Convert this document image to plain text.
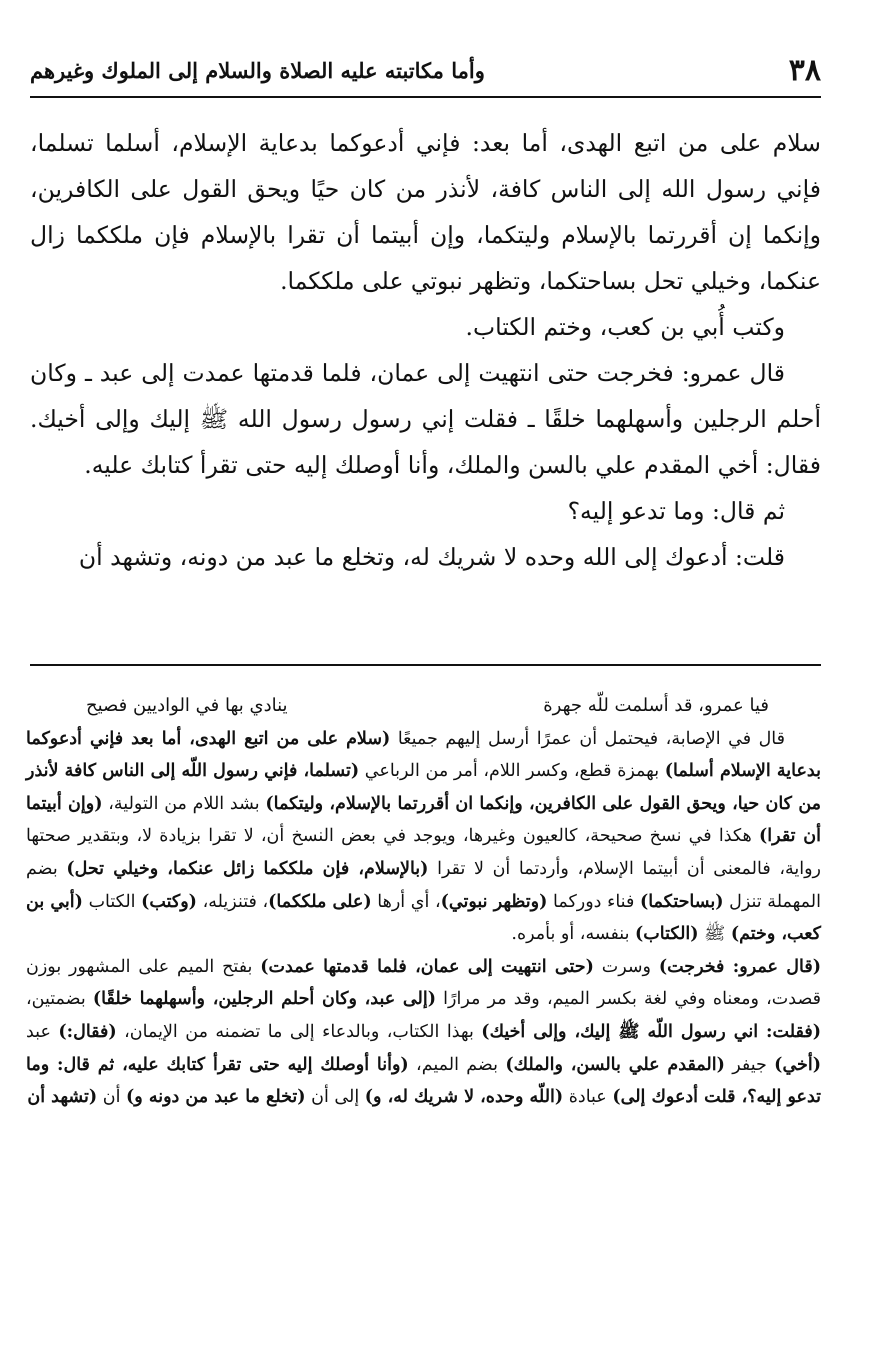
٣٨
وأما مكاتبته عليه الصلاة والسلام إلى الملوك وغيرهم

سلام على من اتبع الهدى، أما بعد: فإني أدعوكما بدعاية الإسلام، أسلما تسلما، فإني رسول الله إلى الناس كافة، لأنذر من كان حيًا ويحق القول على الكافرين، وإنكما إن أقررتما بالإسلام وليتكما، وإن أبيتما أن تقرا بالإسلام فإن ملككما زال عنكما، وخيلي تحل بساحتكما، وتظهر نبوتي على ملككما.

وكتب أُبي بن كعب، وختم الكتاب.

قال عمرو: فخرجت حتى انتهيت إلى عمان، فلما قدمتها عمدت إلى عبد ـ وكان أحلم الرجلين وأسهلهما خلقًا ـ فقلت إني رسول رسول الله ﷺ إليك وإلى أخيك. فقال: أخي المقدم علي بالسن والملك، وأنا أوصلك إليه حتى تقرأ كتابك عليه.

ثم قال: وما تدعو إليه؟

قلت: أدعوك إلى الله وحده لا شريك له، وتخلع ما عبد من دونه، وتشهد أن

فيا عمرو، قد أسلمت للّه جهرة
ينادي بها في الواديين فصيح

قال في الإصابة، فيحتمل أن عمرًا أرسل إليهم جميعًا (سلام على من اتبع الهدى، أما بعد فإني أدعوكما بدعاية الإسلام أسلما) بهمزة قطع، وكسر اللام، أمر من الرباعي (تسلما، فإني رسول اللّه إلى الناس كافة لأنذر من كان حيا، ويحق القول على الكافرين، وإنكما ان أقررتما بالإسلام، وليتكما) بشد اللام من التولية، (وإن أبيتما أن تقرا) هكذا في نسخ صحيحة، كالعيون وغيرها، ويوجد في بعض النسخ أن، لا تقرا بزيادة لا، وبتقدير صحتها رواية، فالمعنى أن أبيتما الإسلام، وأردتما أن لا تقرا (بالإسلام، فإن ملككما زائل عنكما، وخيلي تحل) بضم المهملة تنزل (بساحتكما) فناء دوركما (وتظهر نبوتي)، أي أرها (على ملككما)، فتنزيله، (وكتب) الكتاب (أبي بن كعب، وختم) ﷺ (الكتاب) بنفسه، أو بأمره.

(قال عمرو: فخرجت) وسرت (حتى انتهيت إلى عمان، فلما قدمتها عمدت) بفتح الميم على المشهور بوزن قصدت، ومعناه وفي لغة بكسر الميم، وقد مر مرارًا (إلى عبد، وكان أحلم الرجلين، وأسهلهما خلقًا) بضمتين، (فقلت: اني رسول اللّه ﷺ إليك، وإلى أخيك) بهذا الكتاب، وبالدعاء إلى ما تضمنه من الإيمان، (فقال:) عبد (أخي) جيفر (المقدم علي بالسن، والملك) بضم الميم، (وأنا أوصلك إليه حتى تقرأ كتابك عليه، ثم قال: وما تدعو إليه؟، قلت أدعوك إلى) عبادة (اللّه وحده، لا شريك له، و) إلى أن (تخلع ما عبد من دونه و) أن (تشهد أن
